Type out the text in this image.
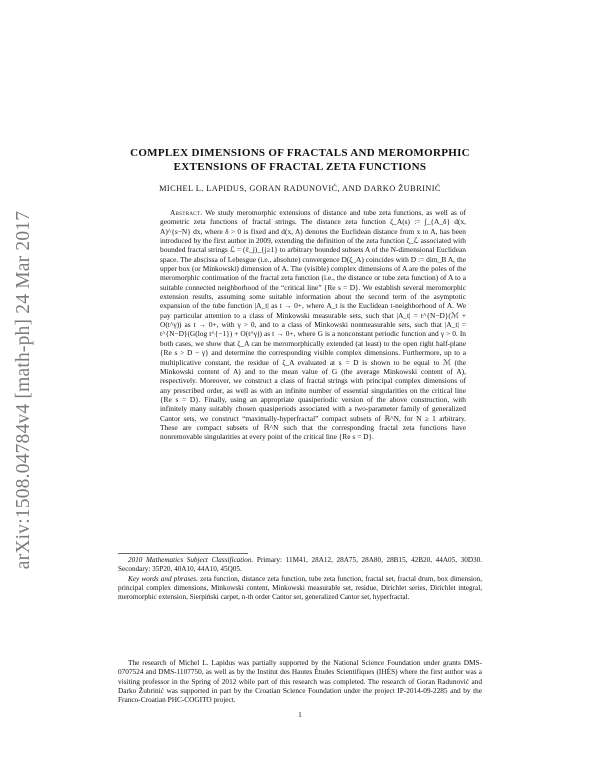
arXiv:1508.04784v4 [math-ph] 24 Mar 2017
COMPLEX DIMENSIONS OF FRACTALS AND MEROMORPHIC EXTENSIONS OF FRACTAL ZETA FUNCTIONS
MICHEL L. LAPIDUS, GORAN RADUNOVIĆ, AND DARKO ŽUBRINIĆ
Abstract. We study meromorphic extensions of distance and tube zeta functions, as well as of geometric zeta functions of fractal strings. The distance zeta function ζ_A(s) := ∫_{A_δ} d(x, A)^{s−N} dx, where δ > 0 is fixed and d(x, A) denotes the Euclidean distance from x to A, has been introduced by the first author in 2009, extending the definition of the zeta function ζ_ℒ associated with bounded fractal strings ℒ = (ℓ_j)_{j≥1} to arbitrary bounded subsets A of the N-dimensional Euclidean space. The abscissa of Lebesgue (i.e., absolute) convergence D(ζ_A) coincides with D := dim_B A, the upper box (or Minkowski) dimension of A. The (visible) complex dimensions of A are the poles of the meromorphic continuation of the fractal zeta function (i.e., the distance or tube zeta function) of A to a suitable connected neighborhood of the “critical line” {Re s = D}. We establish several meromorphic extension results, assuming some suitable information about the second term of the asymptotic expansion of the tube function |A_t| as t → 0+, where A_t is the Euclidean t-neighborhood of A. We pay particular attention to a class of Minkowski measurable sets, such that |A_t| = t^{N−D}(ℳ + O(t^γ)) as t → 0+, with γ > 0, and to a class of Minkowski nonmeasurable sets, such that |A_t| = t^{N−D}(G(log t^{−1}) + O(t^γ)) as t → 0+, where G is a nonconstant periodic function and γ > 0. In both cases, we show that ζ_A can be meromorphically extended (at least) to the open right half-plane {Re s > D − γ} and determine the corresponding visible complex dimensions. Furthermore, up to a multiplicative constant, the residue of ζ_A evaluated at s = D is shown to be equal to ℳ (the Minkowski content of A) and to the mean value of G (the average Minkowski content of A), respectively. Moreover, we construct a class of fractal strings with principal complex dimensions of any prescribed order, as well as with an infinite number of essential singularities on the critical line {Re s = D}. Finally, using an appropriate quasiperiodic version of the above construction, with infinitely many suitably chosen quasiperiods associated with a two-parameter family of generalized Cantor sets, we construct “maximally-hyperfractal” compact subsets of ℝ^N, for N ≥ 1 arbitrary. These are compact subsets of ℝ^N such that the corresponding fractal zeta functions have nonremovable singularities at every point of the critical line {Re s = D}.

2010 Mathematics Subject Classification. Primary: 11M41, 28A12, 28A75, 28A80, 28B15, 42B20, 44A05, 30D30. Secondary: 35P20, 40A10, 44A10, 45Q05.

Key words and phrases. zeta function, distance zeta function, tube zeta function, fractal set, fractal drum, box dimension, principal complex dimensions, Minkowski content, Minkowski measurable set, residue, Dirichlet series, Dirichlet integral, meromorphic extension, Sierpiński carpet, n-th order Cantor set, generalized Cantor set, hyperfractal.

The research of Michel L. Lapidus was partially supported by the National Science Foundation under grants DMS-0707524 and DMS-1107750, as well as by the Institut des Hautes Études Scientifiques (IHÉS) where the first author was a visiting professor in the Spring of 2012 while part of this research was completed. The research of Goran Radunović and Darko Žubrinić was supported in part by the Croatian Science Foundation under the project IP-2014-09-2285 and by the Franco-Croatian PHC-COGITO project.
1
